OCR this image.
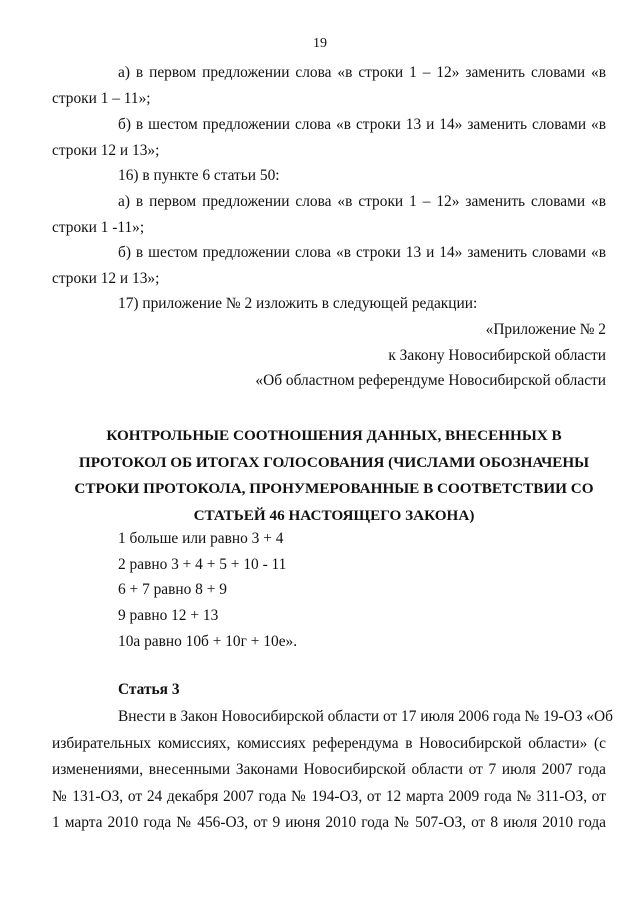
19
а) в первом предложении слова «в строки 1 – 12» заменить словами «в
строки 1 – 11»;
б) в шестом предложении слова «в строки 13 и 14» заменить словами «в
строки 12 и 13»;
16) в пункте 6 статьи 50:
а) в первом предложении слова «в строки 1 – 12» заменить словами «в
строки 1 -11»;
б) в шестом предложении слова «в строки 13 и 14» заменить словами «в
строки 12 и 13»;
17) приложение № 2 изложить в следующей редакции:
«Приложение № 2
к Закону Новосибирской области
«Об областном референдуме Новосибирской области
КОНТРОЛЬНЫЕ СООТНОШЕНИЯ ДАННЫХ, ВНЕСЕННЫХ В
ПРОТОКОЛ ОБ ИТОГАХ ГОЛОСОВАНИЯ (ЧИСЛАМИ ОБОЗНАЧЕНЫ
СТРОКИ ПРОТОКОЛА, ПРОНУМЕРОВАННЫЕ В СООТВЕТСТВИИ СО
СТАТЬЕЙ 46 НАСТОЯЩЕГО ЗАКОНА)
1 больше или равно 3 + 4
2 равно 3 + 4 + 5 + 10 - 11
6 + 7 равно 8 + 9
9 равно 12 + 13
10а равно 10б + 10г + 10е».
Статья 3
Внести в Закон Новосибирской области от 17 июля 2006 года № 19-ОЗ «Об
избирательных комиссиях, комиссиях референдума в Новосибирской области» (с
изменениями, внесенными Законами Новосибирской области от 7 июля 2007 года
№ 131-ОЗ, от 24 декабря 2007 года № 194-ОЗ, от 12 марта 2009 года № 311-ОЗ, от
1 марта 2010 года № 456-ОЗ, от 9 июня 2010 года № 507-ОЗ, от 8 июля 2010 года
